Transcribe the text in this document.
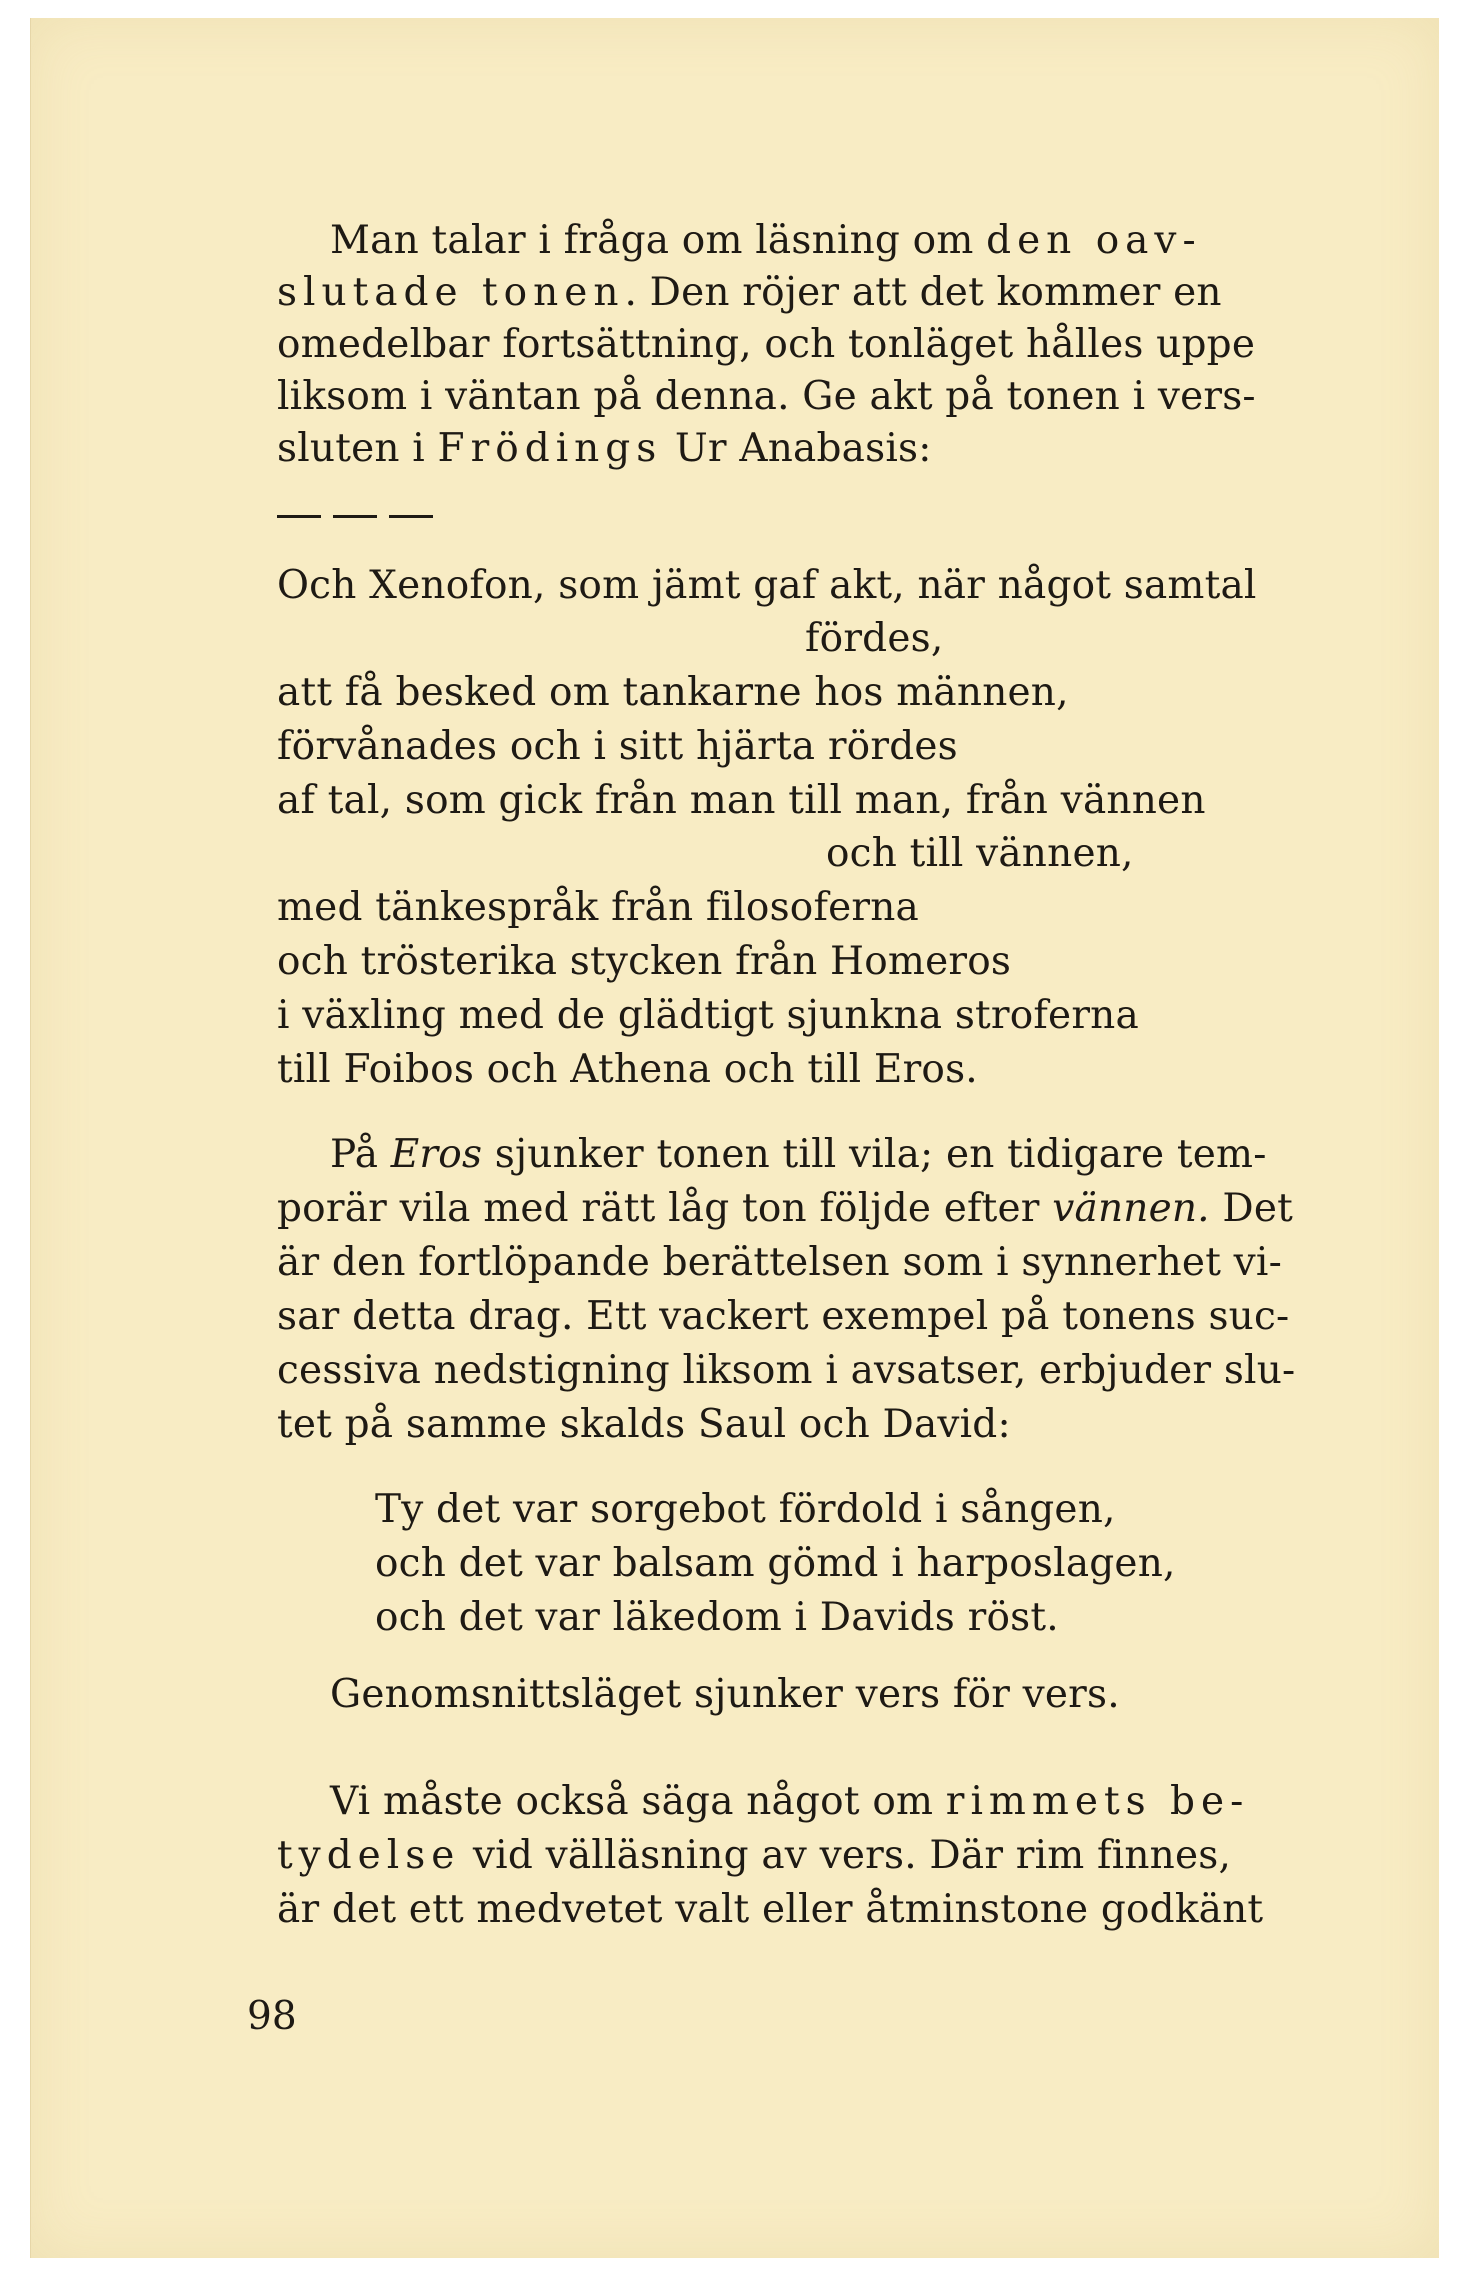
Man talar i fråga om läsning om den oav-
slutade tonen. Den röjer att det kommer en
omedelbar fortsättning, och tonläget hålles uppe
liksom i väntan på denna. Ge akt på tonen i vers-
sluten i Frödings Ur Anabasis:
Och Xenofon, som jämt gaf akt, när något samtal
fördes,
att få besked om tankarne hos männen,
förvånades och i sitt hjärta rördes
af tal, som gick från man till man, från vännen
och till vännen,
med tänkespråk från filosoferna
och trösterika stycken från Homeros
i växling med de glädtigt sjunkna stroferna
till Foibos och Athena och till Eros.
På Eros sjunker tonen till vila; en tidigare tem-
porär vila med rätt låg ton följde efter vännen. Det
är den fortlöpande berättelsen som i synnerhet vi-
sar detta drag. Ett vackert exempel på tonens suc-
cessiva nedstigning liksom i avsatser, erbjuder slu-
tet på samme skalds Saul och David:
Ty det var sorgebot fördold i sången,
och det var balsam gömd i harposlagen,
och det var läkedom i Davids röst.
Genomsnittsläget sjunker vers för vers.
Vi måste också säga något om rimmets be-
tydelse vid välläsning av vers. Där rim finnes,
är det ett medvetet valt eller åtminstone godkänt
98
